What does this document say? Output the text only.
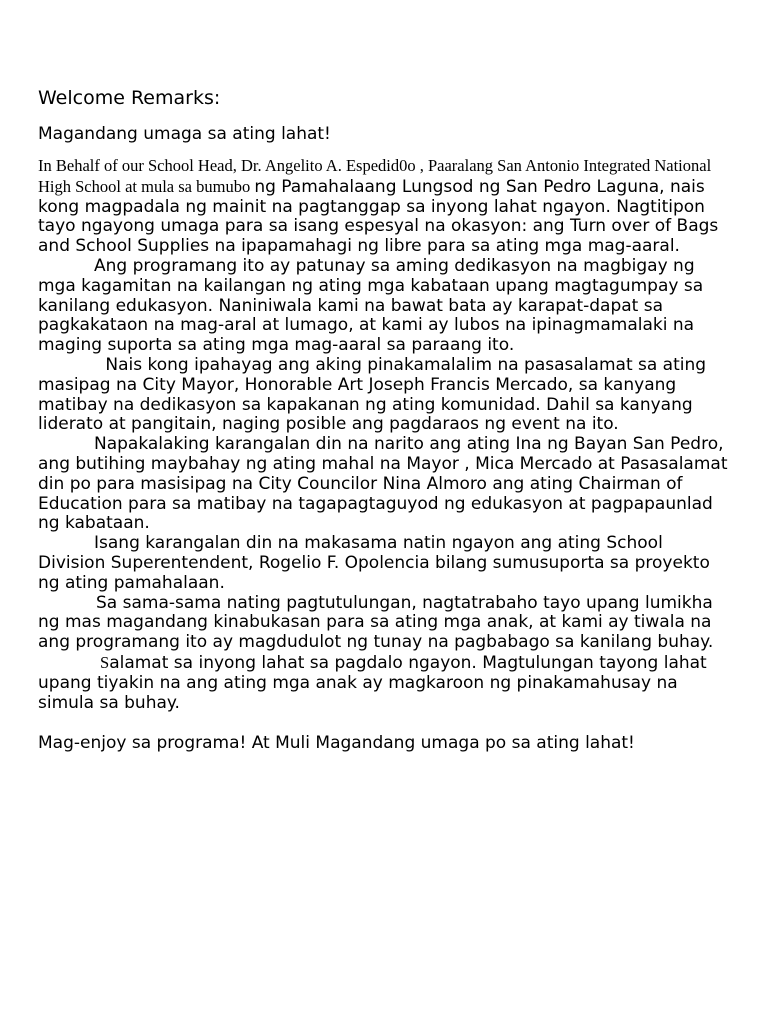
Welcome Remarks:
Magandang umaga sa ating lahat!
In Behalf of our School Head, Dr. Angelito A. Espedid0o , Paaralang San Antonio Integrated National High School at mula sa bumubo ng Pamahalaang Lungsod ng San Pedro Laguna, nais kong magpadala ng mainit na pagtanggap sa inyong lahat ngayon. Nagtitipon tayo ngayong umaga para sa isang espesyal na okasyon: ang Turn over of Bags and School Supplies na ipapamahagi ng libre para sa ating mga mag-aaral.
Ang programang ito ay patunay sa aming dedikasyon na magbigay ng mga kagamitan na kailangan ng ating mga kabataan upang magtagumpay sa kanilang edukasyon. Naniniwala kami na bawat bata ay karapat-dapat sa pagkakataon na mag-aral at lumago, at kami ay lubos na ipinagmamalaki na maging suporta sa ating mga mag-aaral sa paraang ito.
Nais kong ipahayag ang aking pinakamalalim na pasasalamat sa ating masipag na City Mayor, Honorable Art Joseph Francis Mercado, sa kanyang matibay na dedikasyon sa kapakanan ng ating komunidad. Dahil sa kanyang liderato at pangitain, naging posible ang pagdaraos ng event na ito.
Napakalaking karangalan din na narito ang ating Ina ng Bayan San Pedro, ang butihing maybahay ng ating mahal na Mayor , Mica Mercado at Pasasalamat din po para masisipag na City Councilor Nina Almoro ang ating Chairman of Education para sa matibay na tagapagtaguyod ng edukasyon at pagpapaunlad ng kabataan.
Isang karangalan din na makasama natin ngayon ang ating School Division Superentendent, Rogelio F. Opolencia bilang sumusuporta sa proyekto ng ating pamahalaan.
Sa sama-sama nating pagtutulungan, nagtatrabaho tayo upang lumikha ng mas magandang kinabukasan para sa ating mga anak, at kami ay tiwala na ang programang ito ay magdudulot ng tunay na pagbabago sa kanilang buhay.
Salamat sa inyong lahat sa pagdalo ngayon. Magtulungan tayong lahat upang tiyakin na ang ating mga anak ay magkaroon ng pinakamahusay na simula sa buhay.
Mag-enjoy sa programa! At Muli Magandang umaga po sa ating lahat!
